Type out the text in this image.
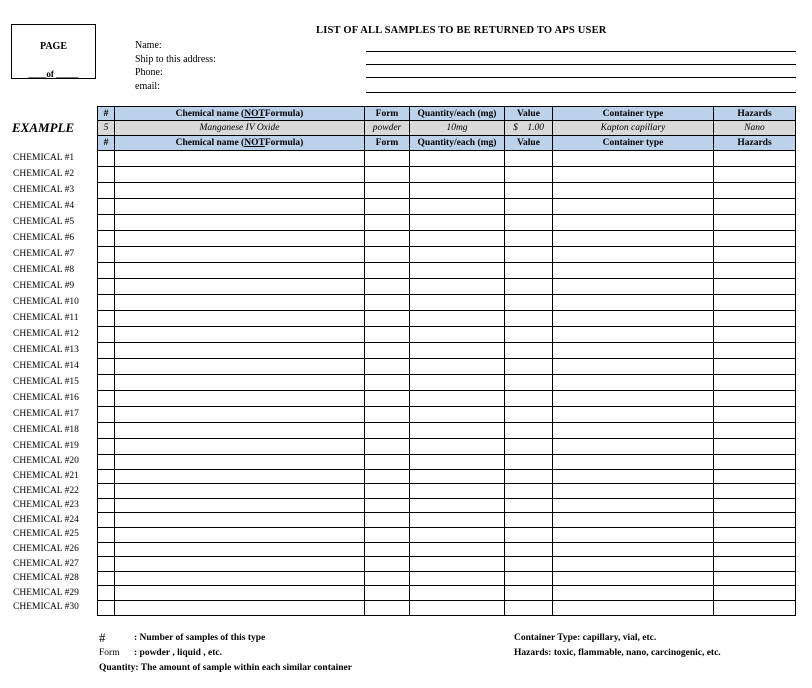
PAGE
____of _____
LIST OF ALL SAMPLES TO BE RETURNED TO APS USER
Name:
Ship to this address:
Phone:
email:
EXAMPLE
#	Chemical name ( NOT Formula)	Form	Quantity/each (mg)	Value	Container type	Hazards
5	Manganese IV Oxide	powder	10mg	$    1.00	Kapton capillary	Nano
#	Chemical name ( NOT Formula)	Form	Quantity/each (mg)	Value	Container type	Hazards
CHEMICAL #1
CHEMICAL #2
CHEMICAL #3
CHEMICAL #4
CHEMICAL #5
CHEMICAL #6
CHEMICAL #7
CHEMICAL #8
CHEMICAL #9
CHEMICAL #10
CHEMICAL #11
CHEMICAL #12
CHEMICAL #13
CHEMICAL #14
CHEMICAL #15
CHEMICAL #16
CHEMICAL #17
CHEMICAL #18
CHEMICAL #19
CHEMICAL #20
CHEMICAL #21
CHEMICAL #22
CHEMICAL #23
CHEMICAL #24
CHEMICAL #25
CHEMICAL #26
CHEMICAL #27
CHEMICAL #28
CHEMICAL #29
CHEMICAL #30
#	: Number of samples of this type
Form : powder , liquid , etc.
Quantity: The amount of sample within each similar container
Container Type: capillary, vial, etc.
Hazards: toxic, flammable, nano, carcinogenic, etc.
